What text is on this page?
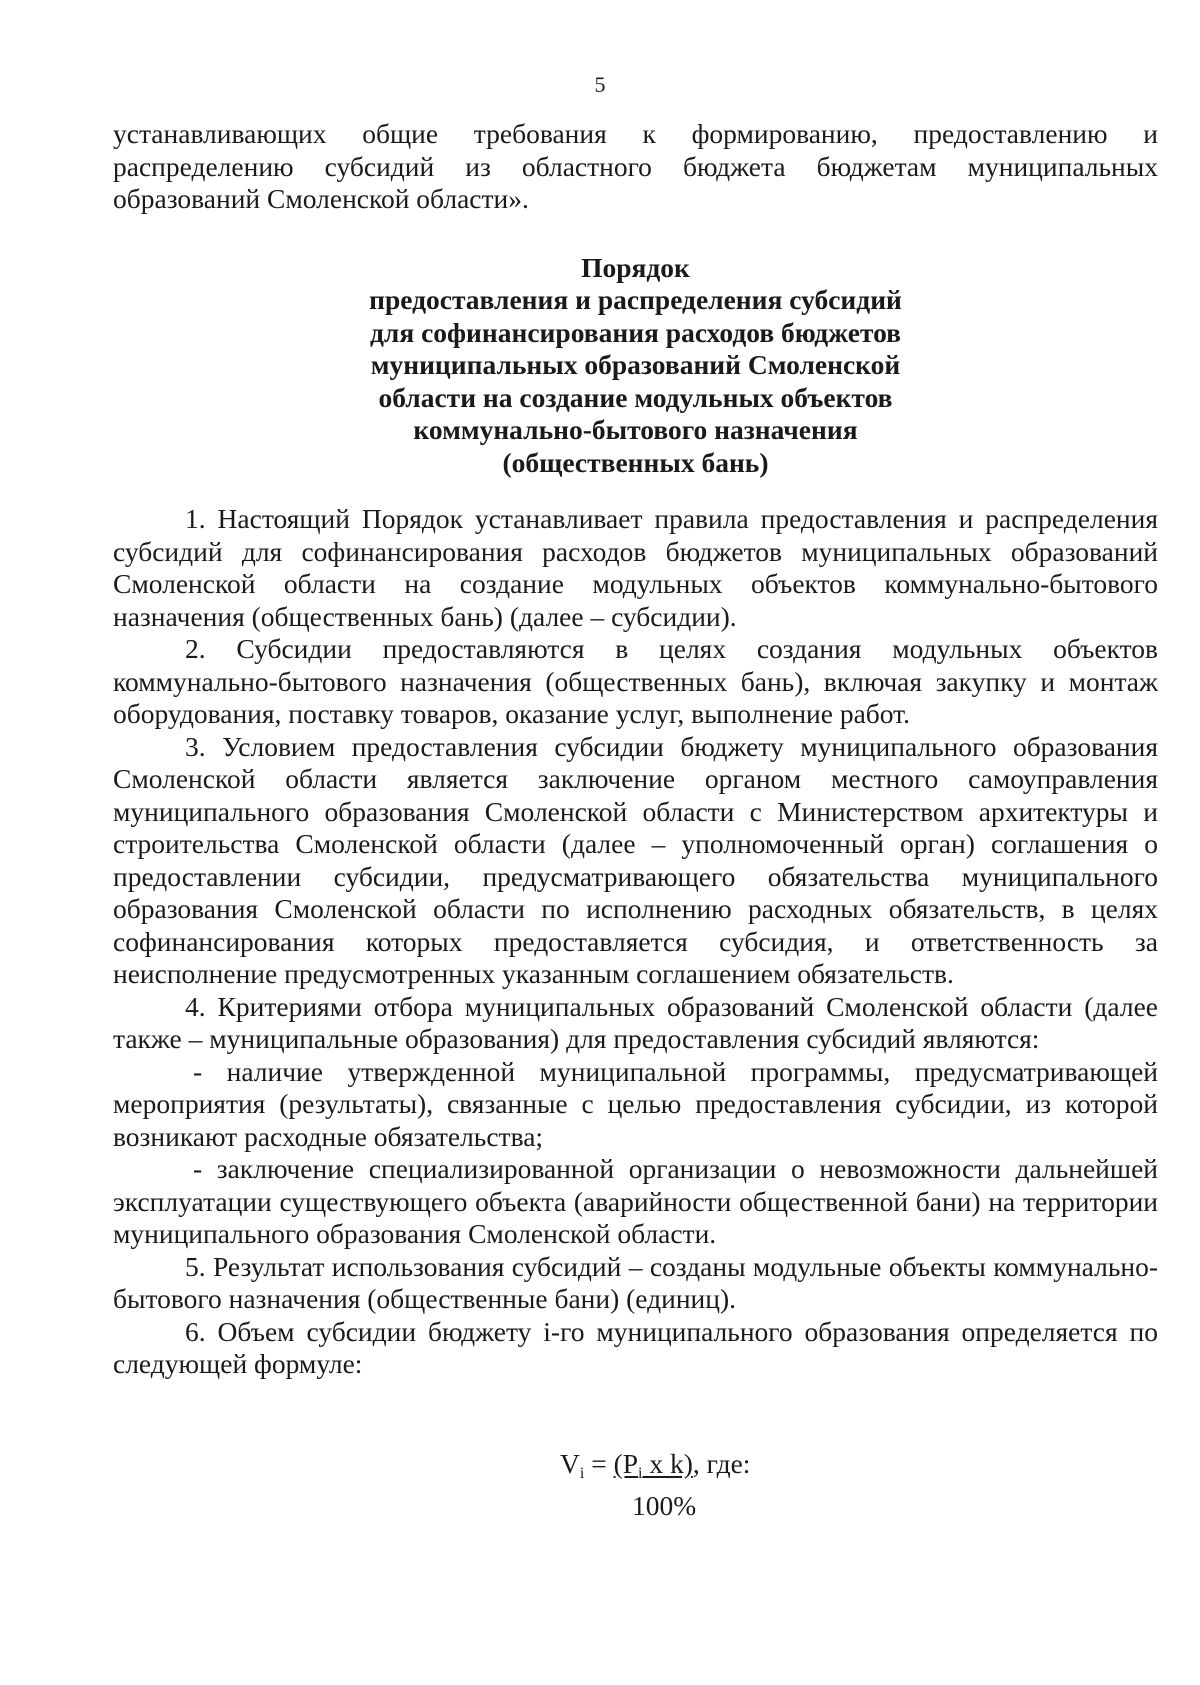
5

устанавливающих общие требования к формированию, предоставлению и распределению субсидий из областного бюджета бюджетам муниципальных образований Смоленской области».

Порядок
предоставления и распределения субсидий
для софинансирования расходов бюджетов
муниципальных образований Смоленской
области на создание модульных объектов
коммунально-бытового назначения
(общественных бань)

1. Настоящий Порядок устанавливает правила предоставления и распределения субсидий для софинансирования расходов бюджетов муниципальных образований Смоленской области на создание модульных объектов коммунально-бытового назначения (общественных бань) (далее – субсидии).

2. Субсидии предоставляются в целях создания модульных объектов коммунально-бытового назначения (общественных бань), включая закупку и монтаж оборудования, поставку товаров, оказание услуг, выполнение работ.

3. Условием предоставления субсидии бюджету муниципального образования Смоленской области является заключение органом местного самоуправления муниципального образования Смоленской области с Министерством архитектуры и строительства Смоленской области (далее – уполномоченный орган) соглашения о предоставлении субсидии, предусматривающего обязательства муниципального образования Смоленской области по исполнению расходных обязательств, в целях софинансирования которых предоставляется субсидия, и ответственность за неисполнение предусмотренных указанным соглашением обязательств.

4. Критериями отбора муниципальных образований Смоленской области (далее также – муниципальные образования) для предоставления субсидий являются:

- наличие утвержденной муниципальной программы, предусматривающей мероприятия (результаты), связанные с целью предоставления субсидии, из которой возникают расходные обязательства;

- заключение специализированной организации о невозможности дальнейшей эксплуатации существующего объекта (аварийности общественной бани) на территории муниципального образования Смоленской области.

5. Результат использования субсидий – созданы модульные объекты коммунально-бытового назначения (общественные бани) (единиц).

6. Объем субсидии бюджету i-го муниципального образования определяется по следующей формуле:

$V_i = (P_i$ x k), где:
100%
